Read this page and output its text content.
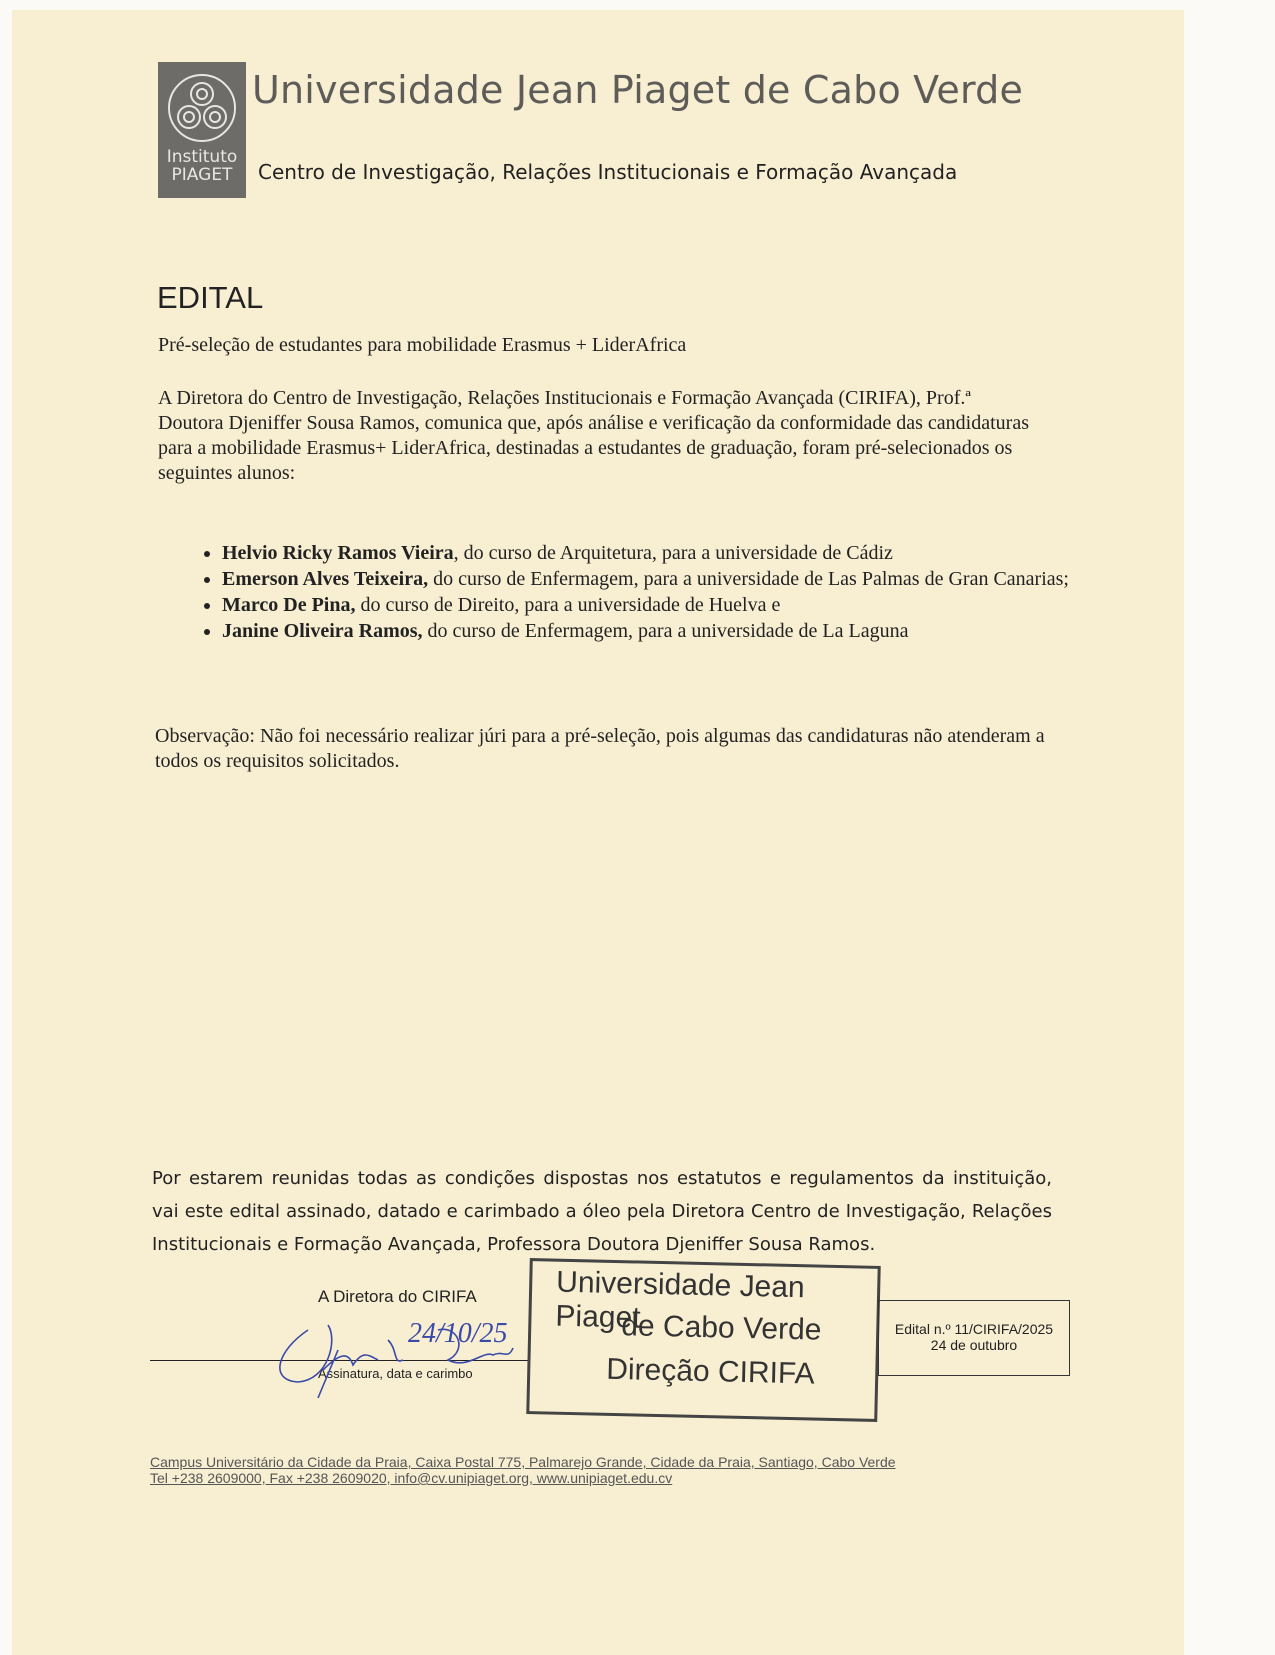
Instituto
PIAGET
Universidade Jean Piaget de Cabo Verde
Centro de Investigação, Relações Institucionais e Formação Avançada
EDITAL
Pré-seleção de estudantes para mobilidade Erasmus + LiderAfrica
A Diretora do Centro de Investigação, Relações Institucionais e Formação Avançada (CIRIFA), Prof.ª Doutora Djeniffer Sousa Ramos, comunica que, após análise e verificação da conformidade das candidaturas para a mobilidade Erasmus+ LiderAfrica, destinadas a estudantes de graduação, foram pré-selecionados os seguintes alunos:
• Helvio Ricky Ramos Vieira, do curso de Arquitetura, para a universidade de Cádiz
• Emerson Alves Teixeira, do curso de Enfermagem, para a universidade de Las Palmas de Gran Canarias;
• Marco De Pina, do curso de Direito, para a universidade de Huelva e
• Janine Oliveira Ramos, do curso de Enfermagem, para a universidade de La Laguna
Observação: Não foi necessário realizar júri para a pré-seleção, pois algumas das candidaturas não atenderam a todos os requisitos solicitados.
Por estarem reunidas todas as condições dispostas nos estatutos e regulamentos da instituição, vai este edital assinado, datado e carimbado a óleo pela Diretora Centro de Investigação, Relações Institucionais e Formação Avançada, Professora Doutora Djeniffer Sousa Ramos.
A Diretora do CIRIFA
Assinatura, data e carimbo
Universidade Jean Piaget
de Cabo Verde
Direção CIRIFA
24/10/25	Edital n.º 11/CIRIFA/2025
24 de outubro
Campus Universitário da Cidade da Praia, Caixa Postal 775, Palmarejo Grande, Cidade da Praia, Santiago, Cabo Verde
Tel +238 2609000, Fax +238 2609020, info@cv.unipiaget.org, www.unipiaget.edu.cv
